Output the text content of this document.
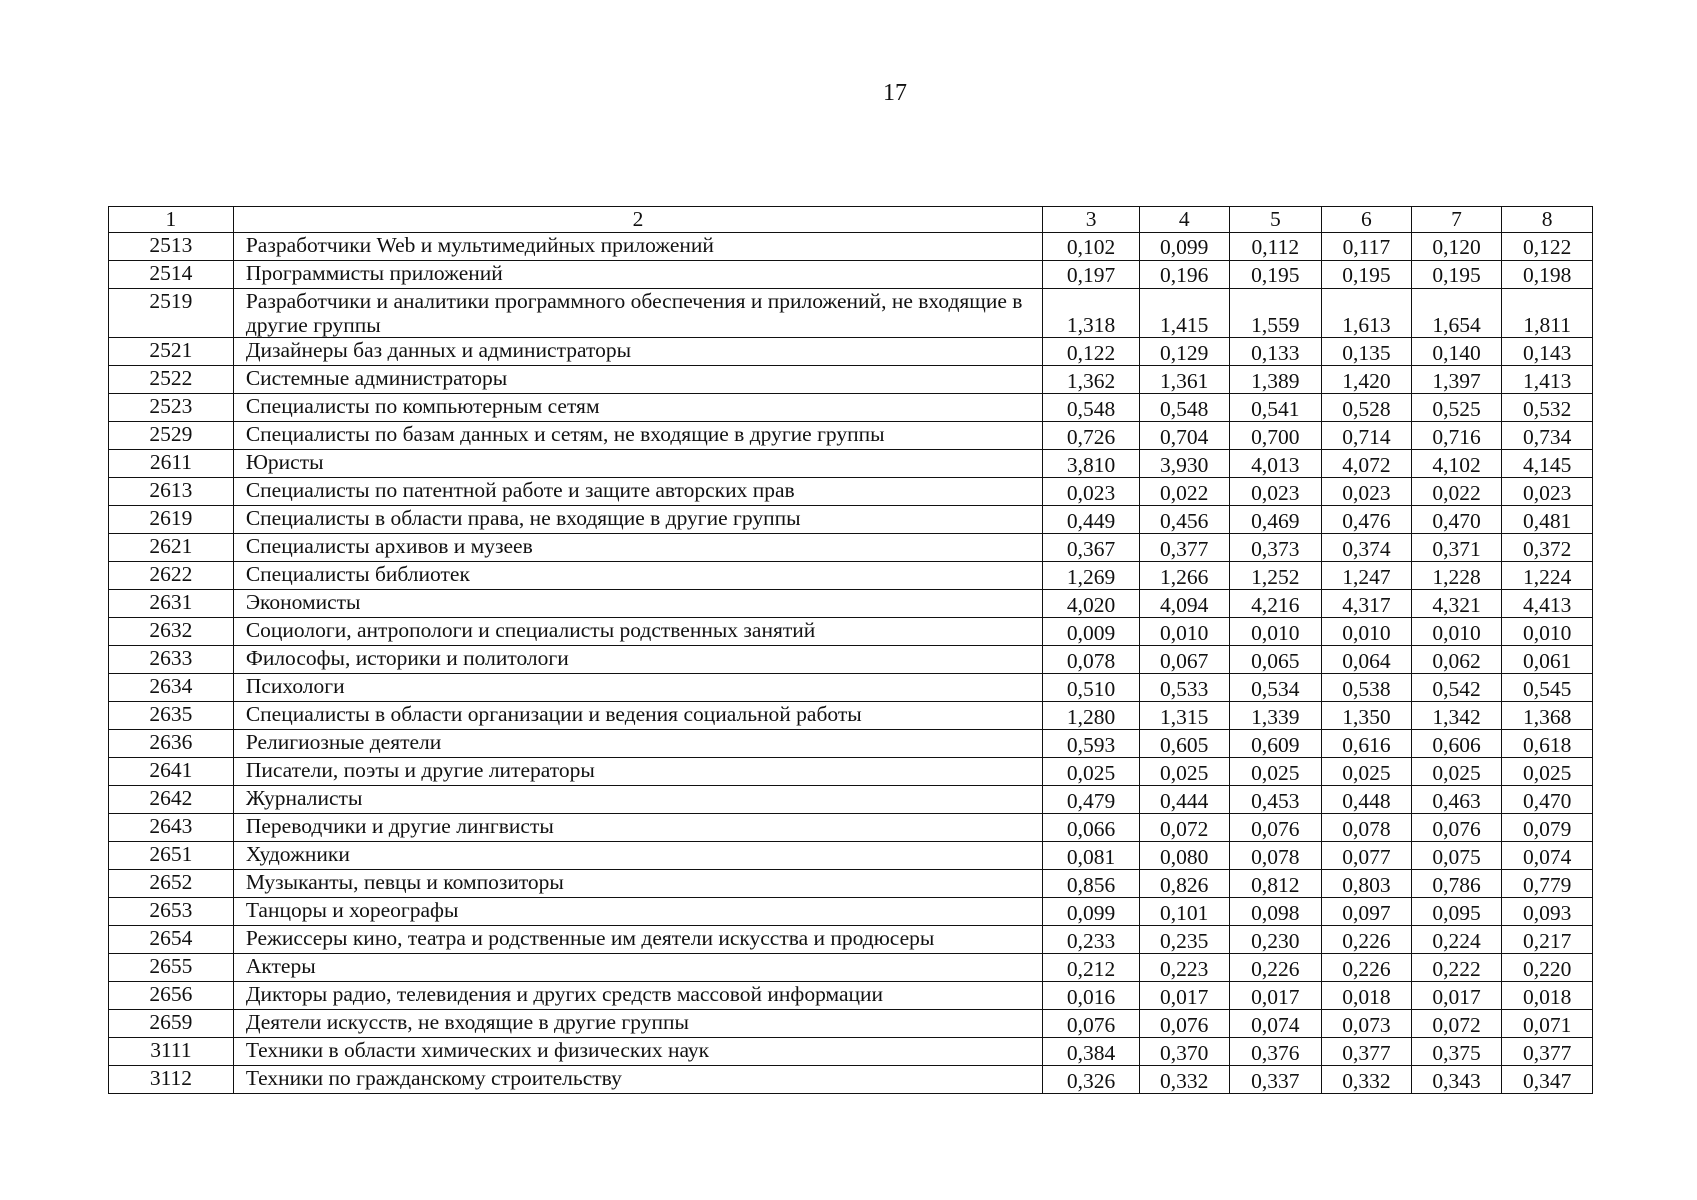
17
1	2	3	4	5	6	7	8
2513	Разработчики Web и мультимедийных приложений	0,102	0,099	0,112	0,117	0,120	0,122
2514	Программисты приложений	0,197	0,196	0,195	0,195	0,195	0,198
2519	Разработчики и аналитики программного обеспечения и приложений, не входящие в другие группы	1,318	1,415	1,559	1,613	1,654	1,811
2521	Дизайнеры баз данных и администраторы	0,122	0,129	0,133	0,135	0,140	0,143
2522	Системные администраторы	1,362	1,361	1,389	1,420	1,397	1,413
2523	Специалисты по компьютерным сетям	0,548	0,548	0,541	0,528	0,525	0,532
2529	Специалисты по базам данных и сетям, не входящие в другие группы	0,726	0,704	0,700	0,714	0,716	0,734
2611	Юристы	3,810	3,930	4,013	4,072	4,102	4,145
2613	Специалисты по патентной работе и защите авторских прав	0,023	0,022	0,023	0,023	0,022	0,023
2619	Специалисты в области права, не входящие в другие группы	0,449	0,456	0,469	0,476	0,470	0,481
2621	Специалисты архивов и музеев	0,367	0,377	0,373	0,374	0,371	0,372
2622	Специалисты библиотек	1,269	1,266	1,252	1,247	1,228	1,224
2631	Экономисты	4,020	4,094	4,216	4,317	4,321	4,413
2632	Социологи, антропологи и специалисты родственных занятий	0,009	0,010	0,010	0,010	0,010	0,010
2633	Философы, историки и политологи	0,078	0,067	0,065	0,064	0,062	0,061
2634	Психологи	0,510	0,533	0,534	0,538	0,542	0,545
2635	Специалисты в области организации и ведения социальной работы	1,280	1,315	1,339	1,350	1,342	1,368
2636	Религиозные деятели	0,593	0,605	0,609	0,616	0,606	0,618
2641	Писатели, поэты и другие литераторы	0,025	0,025	0,025	0,025	0,025	0,025
2642	Журналисты	0,479	0,444	0,453	0,448	0,463	0,470
2643	Переводчики и другие лингвисты	0,066	0,072	0,076	0,078	0,076	0,079
2651	Художники	0,081	0,080	0,078	0,077	0,075	0,074
2652	Музыканты, певцы и композиторы	0,856	0,826	0,812	0,803	0,786	0,779
2653	Танцоры и хореографы	0,099	0,101	0,098	0,097	0,095	0,093
2654	Режиссеры кино, театра и родственные им деятели искусства и продюсеры	0,233	0,235	0,230	0,226	0,224	0,217
2655	Актеры	0,212	0,223	0,226	0,226	0,222	0,220
2656	Дикторы радио, телевидения и других средств массовой информации	0,016	0,017	0,017	0,018	0,017	0,018
2659	Деятели искусств, не входящие в другие группы	0,076	0,076	0,074	0,073	0,072	0,071
3111	Техники в области химических и физических наук	0,384	0,370	0,376	0,377	0,375	0,377
3112	Техники по гражданскому строительству	0,326	0,332	0,337	0,332	0,343	0,347
